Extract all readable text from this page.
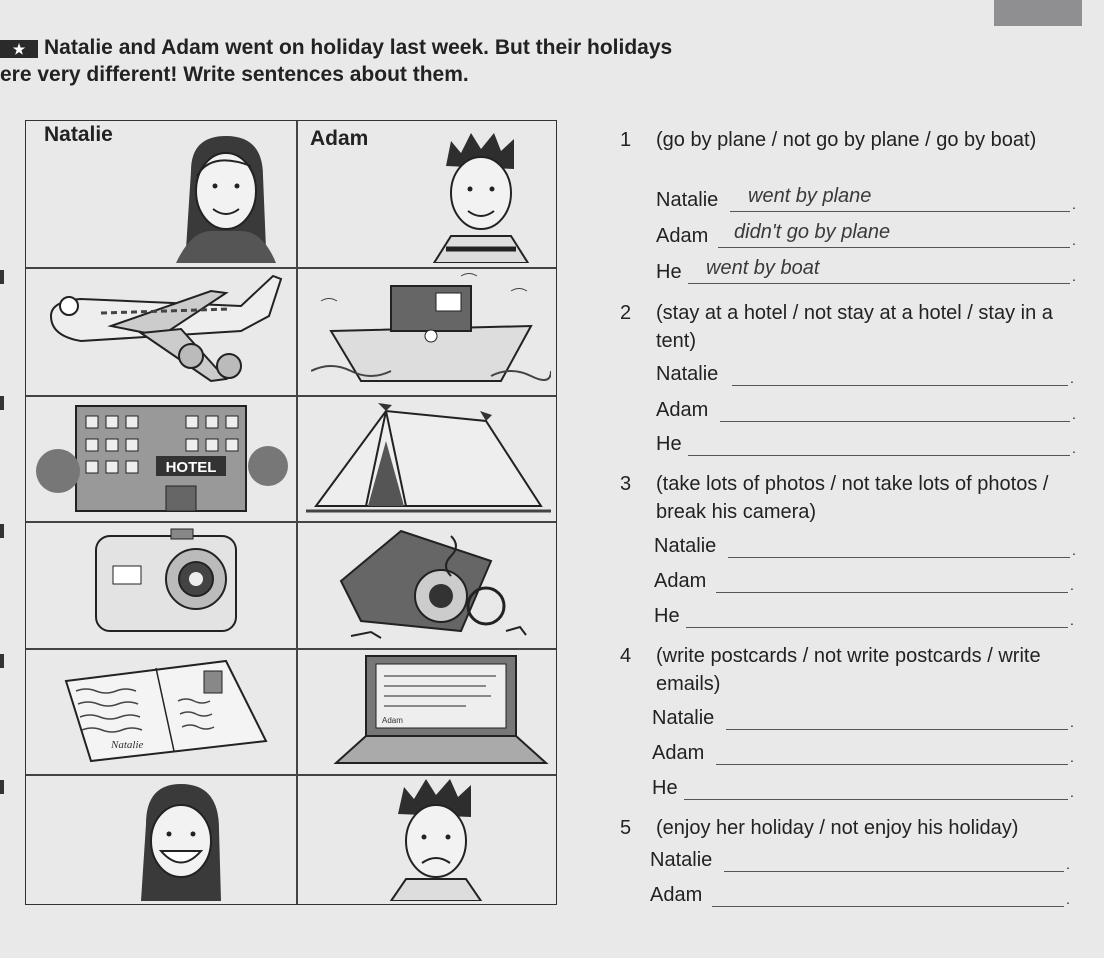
★ Natalie and Adam went on holiday last week. But their holidays
ere very different! Write sentences about them.
Natalie	Adam
HOTEL
Natalie
Adam
1 (go by plane / not go by plane / go by boat)
Natalie went by plane	.
Adam didn't go by plane	.
He went by boat	.
2 (stay at a hotel / not stay at a hotel / stay in a tent)
Natalie	.
Adam	.
He	.
3 (take lots of photos / not take lots of photos / break his camera)
Natalie	.
Adam	.
He	.
4 (write postcards / not write postcards / write emails)
Natalie	.
Adam	.
He	.
5 (enjoy her holiday / not enjoy his holiday)
Natalie	.
Adam	.
